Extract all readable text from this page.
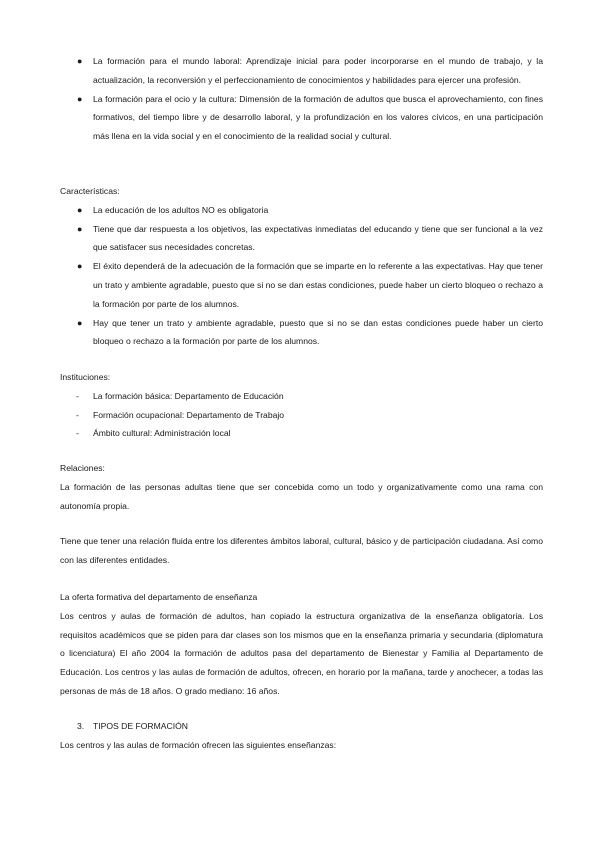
● La formación para el mundo laboral: Aprendizaje inicial para poder incorporarse en el mundo de trabajo, y la actualización, la reconversión y el perfeccionamiento de conocimientos y habilidades para ejercer una profesión.
● La formación para el ocio y la cultura: Dimensión de la formación de adultos que busca el aprovechamiento, con fines formativos, del tiempo libre y de desarrollo laboral, y la profundización en los valores cívicos, en una participación más llena en la vida social y en el conocimiento de la realidad social y cultural.

Características:

● La educación de los adultos NO es obligatoria
● Tiene que dar respuesta a los objetivos, las expectativas inmediatas del educando y tiene que ser funcional a la vez que satisfacer sus necesidades concretas.
● El éxito dependerá de la adecuación de la formación que se imparte en lo referente a las expectativas. Hay que tener un trato y ambiente agradable, puesto que si no se dan estas condiciones, puede haber un cierto bloqueo o rechazo a la formación por parte de los alumnos.
● Hay que tener un trato y ambiente agradable, puesto que si no se dan estas condiciones puede haber un cierto bloqueo o rechazo a la formación por parte de los alumnos.

Instituciones:

- La formación básica: Departamento de Educación
- Formación ocupacional: Departamento de Trabajo
- Ámbito cultural: Administración local

Relaciones:

La formación de las personas adultas tiene que ser concebida como un todo y organizativamente como una rama con autonomía propia.

Tiene que tener una relación fluida entre los diferentes ámbitos laboral, cultural, básico y de participación ciudadana. Así como con las diferentes entidades.

La oferta formativa del departamento de enseñanza

Los centros y aulas de formación de adultos, han copiado la estructura organizativa de la enseñanza obligatoria. Los requisitos académicos que se piden para dar clases son los mismos que en la enseñanza primaria y secundaria (diplomatura o licenciatura) El año 2004 la formación de adultos pasa del departamento de Bienestar y Familia al Departamento de Educación. Los centros y las aulas de formación de adultos, ofrecen, en horario por la mañana, tarde y anochecer, a todas las personas de más de 18 años. O grado mediano: 16 años.

3. TIPOS DE FORMACIÓN

Los centros y las aulas de formación ofrecen las siguientes enseñanzas:
